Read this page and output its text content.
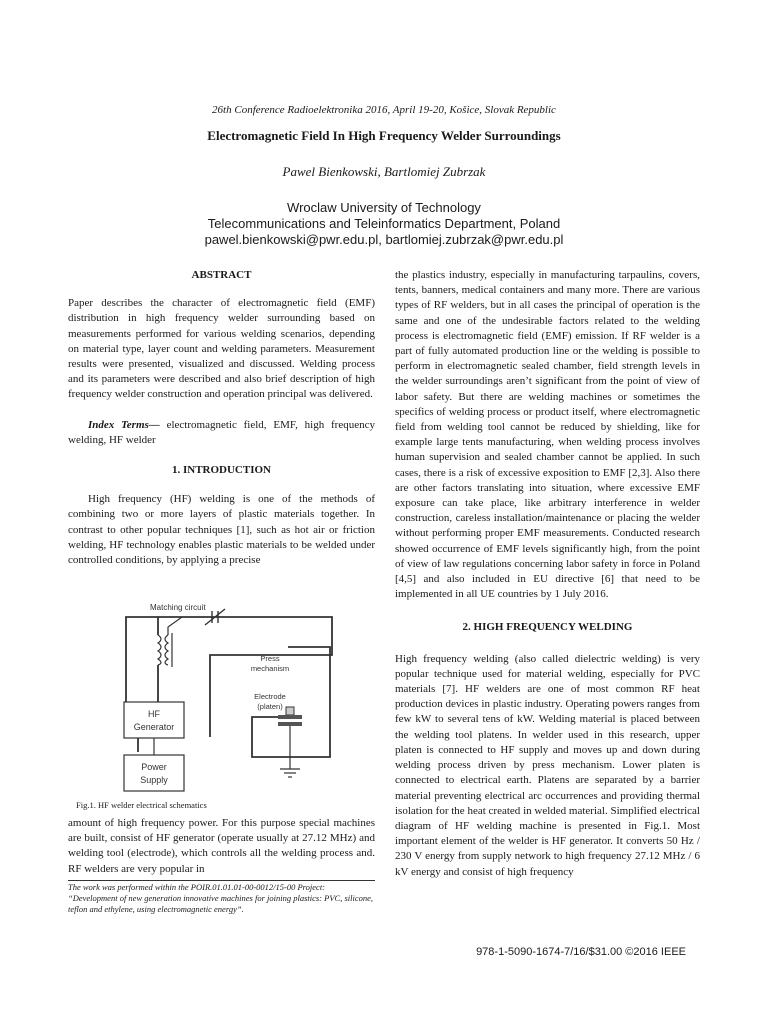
26th Conference Radioelektronika 2016, April 19-20, Košice, Slovak Republic
Electromagnetic Field In High Frequency Welder Surroundings
Pawel Bienkowski, Bartlomiej Zubrzak
Wroclaw University of Technology
Telecommunications and Teleinformatics Department, Poland
pawel.bienkowski@pwr.edu.pl, bartlomiej.zubrzak@pwr.edu.pl

ABSTRACT

Paper describes the character of electromagnetic field (EMF) distribution in high frequency welder surrounding based on measurements performed for various welding scenarios, depending on material type, layer count and welding parameters. Measurement results were presented, visualized and discussed. Welding process and its parameters were described and also brief description of high frequency welder construction and operation principal was delivered.

Index Terms— electromagnetic field, EMF, high frequency welding, HF welder

1. INTRODUCTION

High frequency (HF) welding is one of the methods of combining two or more layers of plastic materials together. In contrast to other popular techniques [1], such as hot air or friction welding, HF technology enables plastic materials to be welded under controlled conditions, by applying a precise

Matching circuit
Press
mechanism
Electrode
(platen)
HF
Generator
Power
Supply
Fig.1. HF welder electrical schematics

amount of high frequency power. For this purpose special machines are built, consist of HF generator (operate usually at 27.12 MHz) and welding tool (electrode), which controls all the welding process and. RF welders are very popular in

The work was performed within the POIR.01.01.01-00-0012/15-00 Project: “Development of new generation innovative machines for joining plastics: PVC, silicone, teflon and ethylene, using electromagnetic energy”.

the plastics industry, especially in manufacturing tarpaulins, covers, tents, banners, medical containers and many more. There are various types of RF welders, but in all cases the principal of operation is the same and one of the undesirable factors related to the welding process is electromagnetic field (EMF) emission. If RF welder is a part of fully automated production line or the welding is possible to perform in electromagnetic sealed chamber, field strength levels in the welder surroundings aren’t significant from the point of view of labor safety. But there are welding machines or sometimes the specifics of welding process or product itself, where electromagnetic field from welding tool cannot be reduced by shielding, like for example large tents manufacturing, when welding process involves human supervision and sealed chamber cannot be applied. In such cases, there is a risk of excessive exposition to EMF [2,3]. Also there are other factors translating into situation, where excessive EMF exposure can take place, like arbitrary interference in welder construction, careless installation/maintenance or placing the welder without performing proper EMF measurements. Conducted research showed occurrence of EMF levels significantly high, from the point of view of law regulations concerning labor safety in force in Poland [4,5] and also included in EU directive [6] that need to be implemented in all UE countries by 1 July 2016.

2. HIGH FREQUENCY WELDING

High frequency welding (also called dielectric welding) is very popular technique used for material welding, especially for PVC materials [7]. HF welders are one of most common RF heat production devices in plastic industry. Operating powers ranges from few kW to several tens of kW. Welding material is placed between the welding tool platens. In welder used in this research, upper platen is connected to HF supply and moves up and down during welding process driven by press mechanism. Lower platen is connected to electrical earth. Platens are separated by a barrier material preventing electrical arc occurrences and providing thermal isolation for the heat created in welded material. Simplified electrical diagram of HF welding machine is presented in Fig.1. Most important element of the welder is HF generator. It converts 50 Hz / 230 V energy from supply network to high frequency 27.12 MHz / 6 kV energy and consist of high frequency

978-1-5090-1674-7/16/$31.00 ©2016 IEEE
